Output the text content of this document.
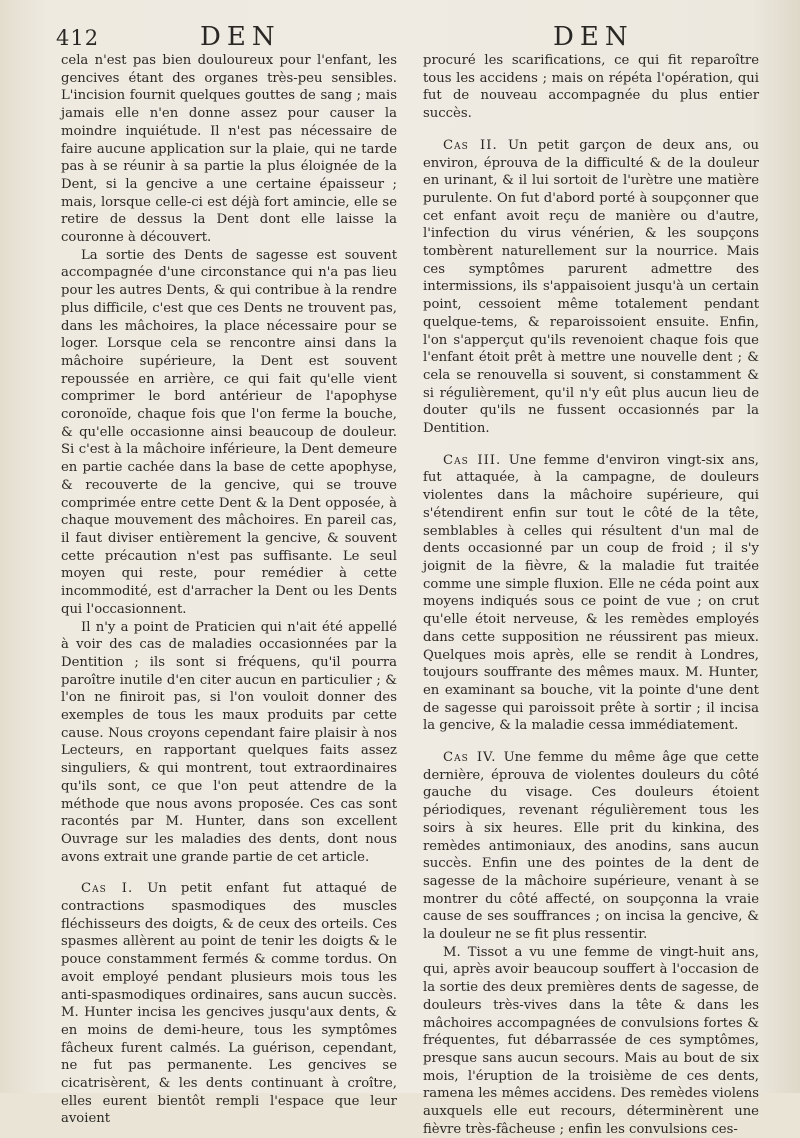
412	DEN	DEN

cela n'est pas bien douloureux pour l'enfant, les gencives étant des organes très-peu sensibles. L'incision fournit quelques gouttes de sang ; mais jamais elle n'en donne assez pour causer la moindre inquiétude. Il n'est pas nécessaire de faire aucune application sur la plaie, qui ne tarde pas à se réunir à sa partie la plus éloignée de la Dent, si la gencive a une certaine épaisseur ; mais, lorsque celle-ci est déjà fort amincie, elle se retire de dessus la Dent dont elle laisse la couronne à découvert.

La sortie des Dents de sagesse est souvent accompagnée d'une circonstance qui n'a pas lieu pour les autres Dents, & qui contribue à la rendre plus difficile, c'est que ces Dents ne trouvent pas, dans les mâchoires, la place nécessaire pour se loger. Lorsque cela se rencontre ainsi dans la mâchoire supérieure, la Dent est souvent repoussée en arrière, ce qui fait qu'elle vient comprimer le bord antérieur de l'apophyse coronoïde, chaque fois que l'on ferme la bouche, & qu'elle occasionne ainsi beaucoup de douleur. Si c'est à la mâchoire inférieure, la Dent demeure en partie cachée dans la base de cette apophyse, & recouverte de la gencive, qui se trouve comprimée entre cette Dent & la Dent opposée, à chaque mouvement des mâchoires. En pareil cas, il faut diviser entièrement la gencive, & souvent cette précaution n'est pas suffisante. Le seul moyen qui reste, pour remédier à cette incommodité, est d'arracher la Dent ou les Dents qui l'occasionnent.

Il n'y a point de Praticien qui n'ait été appellé à voir des cas de maladies occasionnées par la Dentition ; ils sont si fréquens, qu'il pourra paroître inutile d'en citer aucun en particulier ; & l'on ne finiroit pas, si l'on vouloit donner des exemples de tous les maux produits par cette cause. Nous croyons cependant faire plaisir à nos Lecteurs, en rapportant quelques faits assez singuliers, & qui montrent, tout extraordinaires qu'ils sont, ce que l'on peut attendre de la méthode que nous avons proposée. Ces cas sont racontés par M. Hunter, dans son excellent Ouvrage sur les maladies des dents, dont nous avons extrait une grande partie de cet article.

Cas I. Un petit enfant fut attaqué de contractions spasmodiques des muscles fléchisseurs des doigts, & de ceux des orteils. Ces spasmes allèrent au point de tenir les doigts & le pouce constamment fermés & comme tordus. On avoit employé pendant plusieurs mois tous les anti-spasmodiques ordinaires, sans aucun succès. M. Hunter incisa les gencives jusqu'aux dents, & en moins de demi-heure, tous les symptômes fâcheux furent calmés. La guérison, cependant, ne fut pas permanente. Les gencives se cicatrisèrent, & les dents continuant à croître, elles eurent bientôt rempli l'espace que leur avoient

procuré les scarifications, ce qui fit reparoître tous les accidens ; mais on répéta l'opération, qui fut de nouveau accompagnée du plus entier succès.

Cas II. Un petit garçon de deux ans, ou environ, éprouva de la difficulté & de la douleur en urinant, & il lui sortoit de l'urètre une matière purulente. On fut d'abord porté à soupçonner que cet enfant avoit reçu de manière ou d'autre, l'infection du virus vénérien, & les soupçons tombèrent naturellement sur la nourrice. Mais ces symptômes parurent admettre des intermissions, ils s'appaisoient jusqu'à un certain point, cessoient même totalement pendant quelque-tems, & reparoissoient ensuite. Enfin, l'on s'apperçut qu'ils revenoient chaque fois que l'enfant étoit prêt à mettre une nouvelle dent ; & cela se renouvella si souvent, si constamment & si régulièrement, qu'il n'y eût plus aucun lieu de douter qu'ils ne fussent occasionnés par la Dentition.

Cas III. Une femme d'environ vingt-six ans, fut attaquée, à la campagne, de douleurs violentes dans la mâchoire supérieure, qui s'étendirent enfin sur tout le côté de la tête, semblables à celles qui résultent d'un mal de dents occasionné par un coup de froid ; il s'y joignit de la fièvre, & la maladie fut traitée comme une simple fluxion. Elle ne céda point aux moyens indiqués sous ce point de vue ; on crut qu'elle étoit nerveuse, & les remèdes employés dans cette supposition ne réussirent pas mieux. Quelques mois après, elle se rendit à Londres, toujours souffrante des mêmes maux. M. Hunter, en examinant sa bouche, vit la pointe d'une dent de sagesse qui paroissoit prête à sortir ; il incisa la gencive, & la maladie cessa immédiatement.

Cas IV. Une femme du même âge que cette dernière, éprouva de violentes douleurs du côté gauche du visage. Ces douleurs étoient périodiques, revenant régulièrement tous les soirs à six heures. Elle prit du kinkina, des remèdes antimoniaux, des anodins, sans aucun succès. Enfin une des pointes de la dent de sagesse de la mâchoire supérieure, venant à se montrer du côté affecté, on soupçonna la vraie cause de ses souffrances ; on incisa la gencive, & la douleur ne se fit plus ressentir.

M. Tissot a vu une femme de vingt-huit ans, qui, après avoir beaucoup souffert à l'occasion de la sortie des deux premières dents de sagesse, de douleurs très-vives dans la tête & dans les mâchoires accompagnées de convulsions fortes & fréquentes, fut débarrassée de ces symptômes, presque sans aucun secours. Mais au bout de six mois, l'éruption de la troisième de ces dents, ramena les mêmes accidens. Des remèdes violens auxquels elle eut recours, déterminèrent une fièvre très-fâcheuse ; enfin les convulsions ces-
